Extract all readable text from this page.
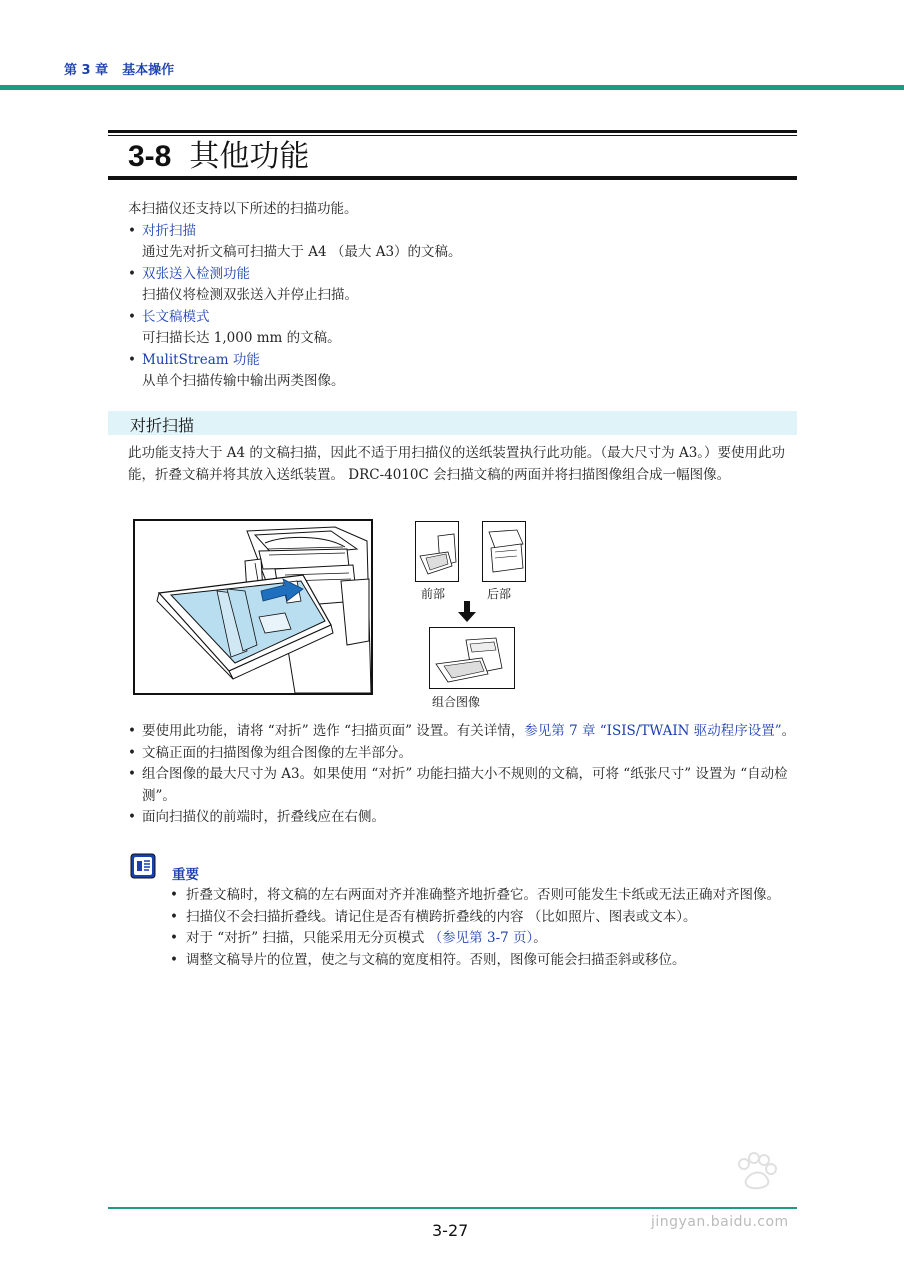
第 3 章 基本操作
3-8 其他功能
本扫描仪还支持以下所述的扫描功能。
• 对折扫描
通过先对折文稿可扫描大于 A4 （最大 A3）的文稿。
• 双张送入检测功能
扫描仪将检测双张送入并停止扫描。
• 长文稿模式
可扫描长达 1,000 mm 的文稿。
• MulitStream 功能
从单个扫描传输中输出两类图像。
对折扫描
此功能支持大于 A4 的文稿扫描，因此不适于用扫描仪的送纸装置执行此功能。（最大尺寸为 A3。）要使用此功能，折叠文稿并将其放入送纸装置。 DRC-4010C 会扫描文稿的两面并将扫描图像组合成一幅图像。
前部	后部
组合图像
• 要使用此功能，请将 “对折” 选作 “扫描页面” 设置。有关详情，参见第 7 章 “ISIS/TWAIN 驱动程序设置”。
• 文稿正面的扫描图像为组合图像的左半部分。
• 组合图像的最大尺寸为 A3。如果使用 “对折” 功能扫描大小不规则的文稿，可将 “纸张尺寸” 设置为 “自动检测”。
• 面向扫描仪的前端时，折叠线应在右侧。
重要
• 折叠文稿时，将文稿的左右两面对齐并准确整齐地折叠它。否则可能发生卡纸或无法正确对齐图像。
• 扫描仪不会扫描折叠线。请记住是否有横跨折叠线的内容 （比如照片、图表或文本）。
• 对于 “对折” 扫描，只能采用无分页模式 （参见第 3-7 页）。
• 调整文稿导片的位置，使之与文稿的宽度相符。否则，图像可能会扫描歪斜或移位。
3-27	jingyan.baidu.com
